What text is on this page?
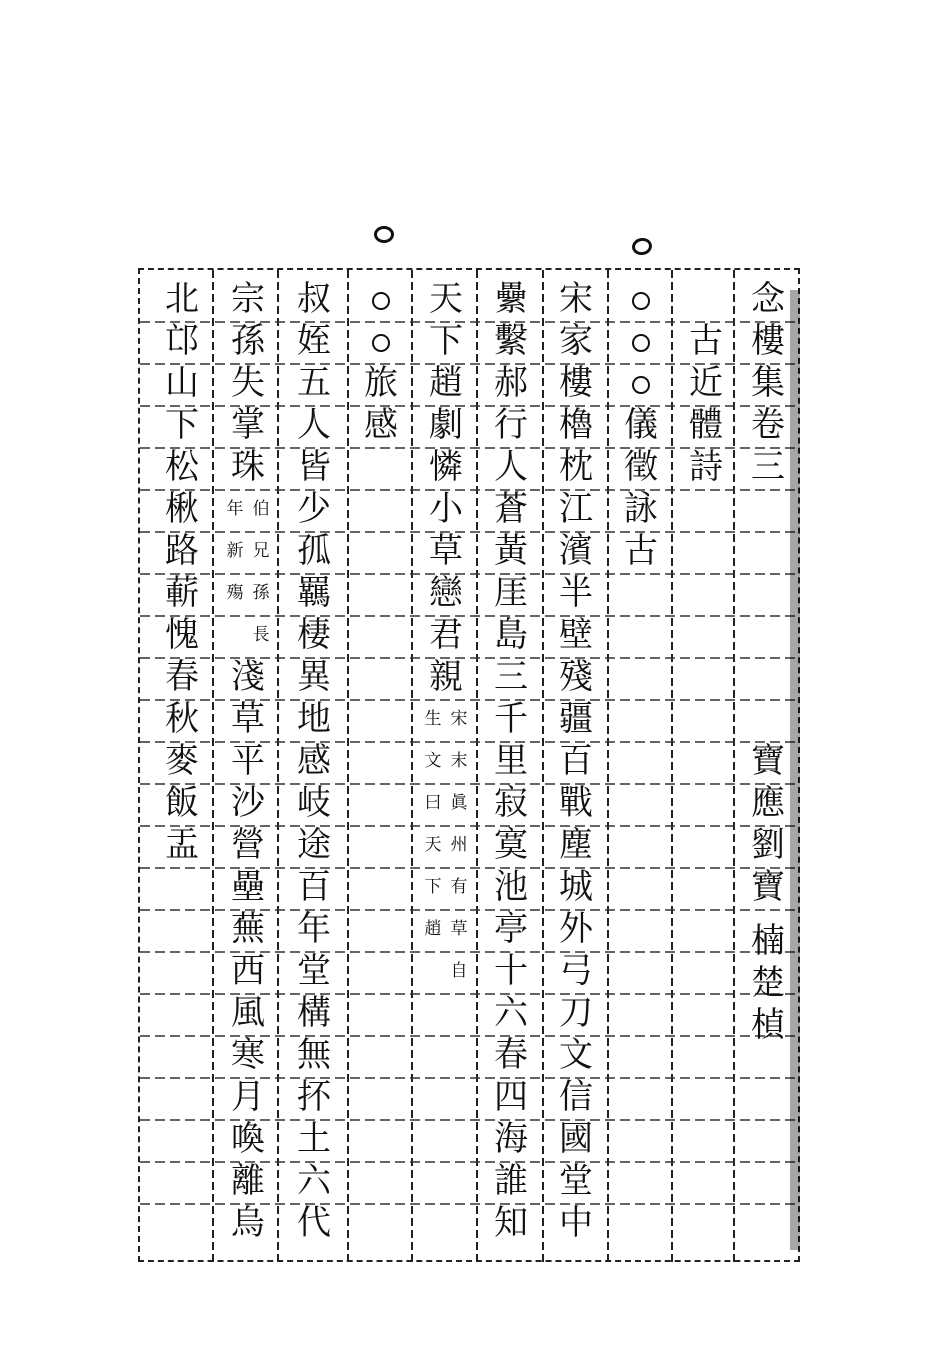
念
樓
集
卷
三
寶
應
劉
寶
楠
楚
楨
古
近
體
詩
儀
徵
詠
古
宋
家
樓
櫓
枕
江
濱
半
壁
殘
疆
百
戰
塵
城
外
弓
刀
文
信
國
堂
中
纍
繫
郝
行
人
蒼
黃
厓
島
三
千
里
寂
寞
池
亭
十
六
春
四
海
誰
知
天
下
趙
劇
憐
小
草
戀
君
親
宋
生
末
文
眞
曰
州
天
有
下
草
趙
自
旅
感
叔
姪
五
人
皆
少
孤
羈
棲
異
地
感
岐
途
百
年
堂
構
無
抔
土
六
代
宗
孫
失
掌
珠
伯
年
兄
新
孫
殤
長
淺
草
平
沙
營
壘
蕪
西
風
寒
月
喚
離
烏
北
邙
山
下
松
楸
路
蔪
愧
春
秋
麥
飯
盂
